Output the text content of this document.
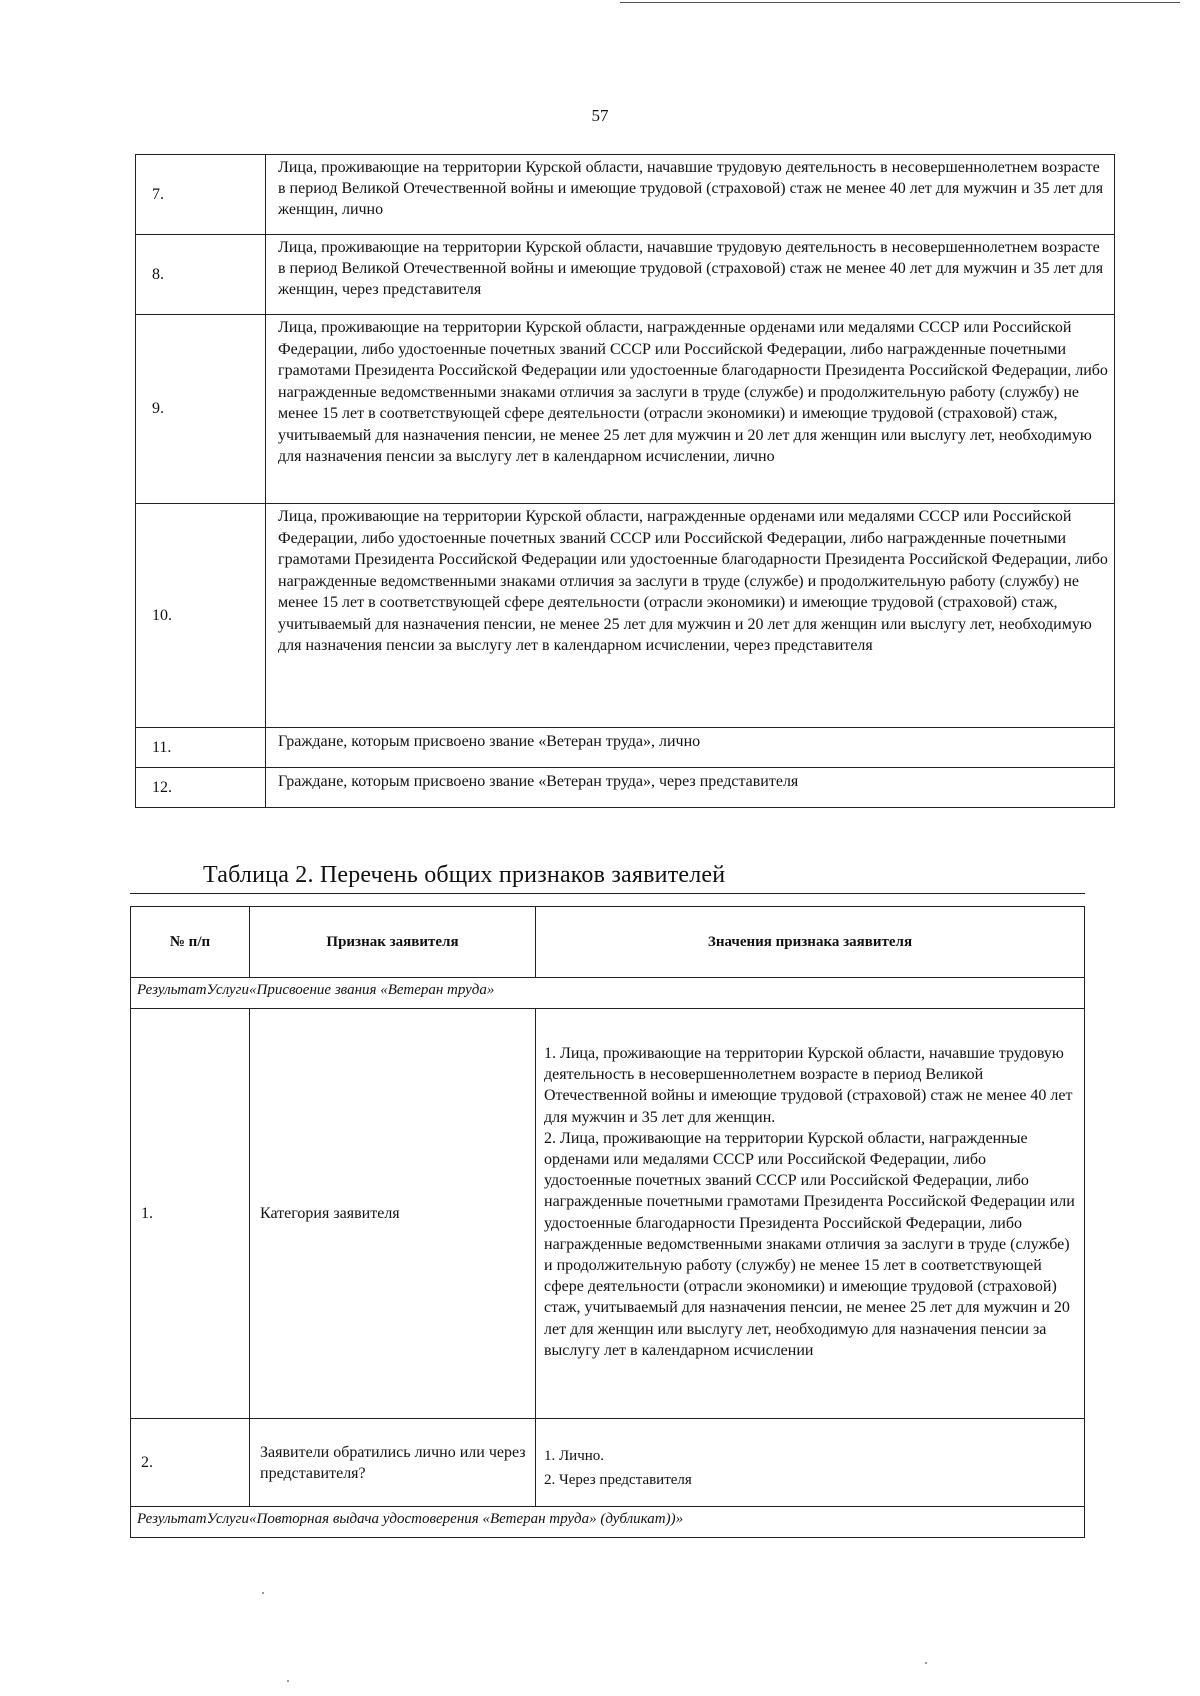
57
7.	Лица, проживающие на территории Курской области, начавшие трудовую деятельность в несовершеннолетнем возрасте в период Великой Отечественной войны и имеющие трудовой (страховой) стаж не менее 40 лет для мужчин и 35 лет для женщин, лично
8.	Лица, проживающие на территории Курской области, начавшие трудовую деятельность в несовершеннолетнем возрасте в период Великой Отечественной войны и имеющие трудовой (страховой) стаж не менее 40 лет для мужчин и 35 лет для женщин, через представителя
9.	Лица, проживающие на территории Курской области, награжденные орденами или медалями СССР или Российской Федерации, либо удостоенные почетных званий СССР или Российской Федерации, либо награжденные почетными грамотами Президента Российской Федерации или удостоенные благодарности Президента Российской Федерации, либо награжденные ведомственными знаками отличия за заслуги в труде (службе) и продолжительную работу (службу) не менее 15 лет в соответствующей сфере деятельности (отрасли экономики) и имеющие трудовой (страховой) стаж, учитываемый для назначения пенсии, не менее 25 лет для мужчин и 20 лет для женщин или выслугу лет, необходимую для назначения пенсии за выслугу лет в календарном исчислении, лично
10.	Лица, проживающие на территории Курской области, награжденные орденами или медалями СССР или Российской Федерации, либо удостоенные почетных званий СССР или Российской Федерации, либо награжденные почетными грамотами Президента Российской Федерации или удостоенные благодарности Президента Российской Федерации, либо награжденные ведомственными знаками отличия за заслуги в труде (службе) и продолжительную работу (службу) не менее 15 лет в соответствующей сфере деятельности (отрасли экономики) и имеющие трудовой (страховой) стаж, учитываемый для назначения пенсии, не менее 25 лет для мужчин и 20 лет для женщин или выслугу лет, необходимую для назначения пенсии за выслугу лет в календарном исчислении, через представителя
11.	Граждане, которым присвоено звание «Ветеран труда», лично
12.	Граждане, которым присвоено звание «Ветеран труда», через представителя
Таблица 2. Перечень общих признаков заявителей
№ п/п	Признак заявителя	Значения признака заявителя
РезультатУслуги«Присвоение звания «Ветеран труда»		
1.	Категория заявителя	1. Лица, проживающие на территории Курской области, начавшие трудовую деятельность в несовершеннолетнем возрасте в период Великой Отечественной войны и имеющие трудовой (страховой) стаж не менее 40 лет для мужчин и 35 лет для женщин.
2. Лица, проживающие на территории Курской области, награжденные орденами или медалями СССР или Российской Федерации, либо удостоенные почетных званий СССР или Российской Федерации, либо награжденные почетными грамотами Президента Российской Федерации или удостоенные благодарности Президента Российской Федерации, либо награжденные ведомственными знаками отличия за заслуги в труде (службе) и продолжительную работу (службу) не менее 15 лет в соответствующей сфере деятельности (отрасли экономики) и имеющие трудовой (страховой) стаж, учитываемый для назначения пенсии, не менее 25 лет для мужчин и 20 лет для женщин или выслугу лет, необходимую для назначения пенсии за выслугу лет в календарном исчислении

2.	Заявители обратились лично или через представителя?	1. Лично.
2. Через представителя

РезультатУслуги«Повторная выдача удостоверения «Ветеран труда» (дубликат))»		
